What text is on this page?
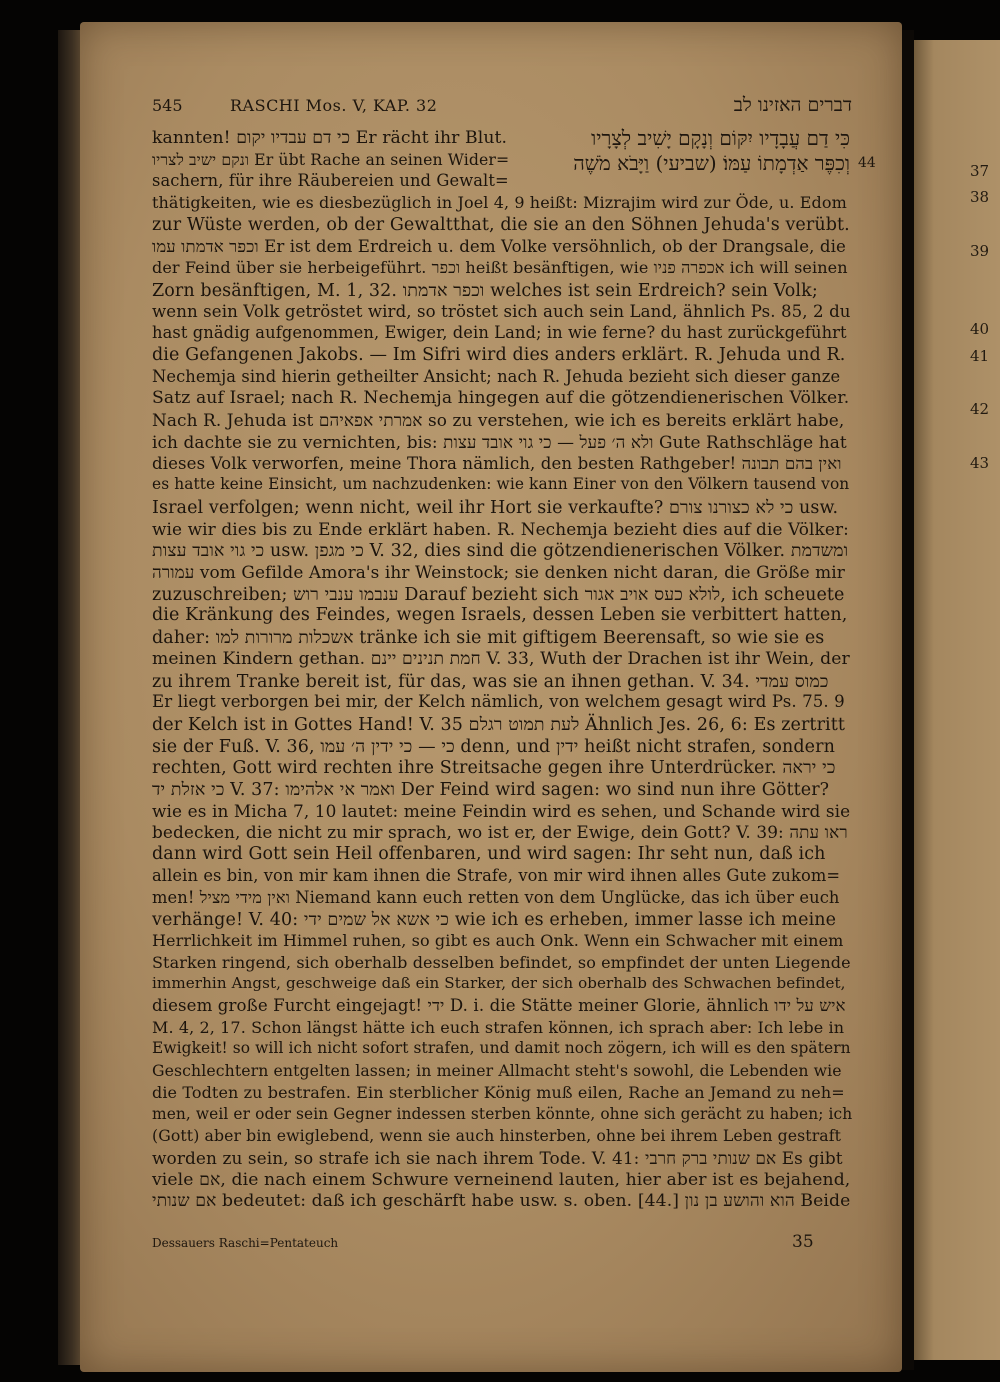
37
38
39
40
41
42
43
545	RASCHI Mos. V, KAP. 32	דברים האזינו לב
כִּי דַם עֲבָדָיו יִקּוֹם וְנָקָם יָשִׁיב לְצָרָיו
וְכִפֶּר אַדְמָתוֹ עַמּוֹ׃ (שביעי) וַיָּבֹא מֹשֶׁה 44
kannten! כי דם עבדיו יקום Er rächt ihr Blut.
ונקם ישיב לצריו Er übt Rache an seinen Wider=
sachern, für ihre Räubereien und Gewalt=
thätigkeiten, wie es diesbezüglich in Joel 4, 9 heißt: Mizrajim wird zur Öde, u. Edom
zur Wüste werden, ob der Gewaltthat, die sie an den Söhnen Jehuda's verübt.
וכפר אדמתו עמו Er ist dem Erdreich u. dem Volke versöhnlich, ob der Drangsale, die
der Feind über sie herbeigeführt. וכפר heißt besänftigen, wie אכפרה פניו ich will seinen
Zorn besänftigen, M. 1, 32. וכפר אדמתו welches ist sein Erdreich? sein Volk;
wenn sein Volk getröstet wird, so tröstet sich auch sein Land, ähnlich Ps. 85, 2 du
hast gnädig aufgenommen, Ewiger, dein Land; in wie ferne? du hast zurückgeführt
die Gefangenen Jakobs. — Im Sifri wird dies anders erklärt. R. Jehuda und R.
Nechemja sind hierin getheilter Ansicht; nach R. Jehuda bezieht sich dieser ganze
Satz auf Israel; nach R. Nechemja hingegen auf die götzendienerischen Völker.
Nach R. Jehuda ist אמרתי אפאיהם so zu verstehen, wie ich es bereits erklärt habe,
ich dachte sie zu vernichten, bis: ולא ה׳ פעל — כי גוי אובד עצות Gute Rathschläge hat
dieses Volk verworfen, meine Thora nämlich, den besten Rathgeber! ואין בהם תבונה
es hatte keine Einsicht, um nachzudenken: wie kann Einer von den Völkern tausend von
Israel verfolgen; wenn nicht, weil ihr Hort sie verkaufte? כי לא כצורנו צורם usw.
wie wir dies bis zu Ende erklärt haben. R. Nechemja bezieht dies auf die Völker:
כי גוי אובד עצות usw. כי מגפן V. 32, dies sind die götzendienerischen Völker. ומשדמת
עמורה vom Gefilde Amora's ihr Weinstock; sie denken nicht daran, die Größe mir
zuzuschreiben; ענבמו ענבי רוש Darauf bezieht sich לולא כעס אויב אגור, ich scheuete
die Kränkung des Feindes, wegen Israels, dessen Leben sie verbittert hatten,
daher: אשכלות מרורות למו tränke ich sie mit giftigem Beerensaft, so wie sie es
meinen Kindern gethan. חמת תנינים יינם V. 33, Wuth der Drachen ist ihr Wein, der
zu ihrem Tranke bereit ist, für das, was sie an ihnen gethan. V. 34. כמוס עמדי
Er liegt verborgen bei mir, der Kelch nämlich, von welchem gesagt wird Ps. 75. 9
der Kelch ist in Gottes Hand! V. 35 לעת תמוט רגלם Ähnlich Jes. 26, 6: Es zertritt
sie der Fuß. V. 36, כי — כי ידין ה׳ עמו denn, und ידין heißt nicht strafen, sondern
rechten, Gott wird rechten ihre Streitsache gegen ihre Unterdrücker. כי יראה
כי אזלת יד V. 37: ואמר אי אלהימו Der Feind wird sagen: wo sind nun ihre Götter?
wie es in Micha 7, 10 lautet: meine Feindin wird es sehen, und Schande wird sie
bedecken, die nicht zu mir sprach, wo ist er, der Ewige, dein Gott? V. 39: ראו עתה
dann wird Gott sein Heil offenbaren, und wird sagen: Ihr seht nun, daß ich
allein es bin, von mir kam ihnen die Strafe, von mir wird ihnen alles Gute zukom=
men! ואין מידי מציל Niemand kann euch retten von dem Unglücke, das ich über euch
verhänge! V. 40: כי אשא אל שמים ידי wie ich es erheben, immer lasse ich meine
Herrlichkeit im Himmel ruhen, so gibt es auch Onk. Wenn ein Schwacher mit einem
Starken ringend, sich oberhalb desselben befindet, so empfindet der unten Liegende
immerhin Angst, geschweige daß ein Starker, der sich oberhalb des Schwachen befindet,
diesem große Furcht eingejagt! ידי D. i. die Stätte meiner Glorie, ähnlich איש על ידו
M. 4, 2, 17. Schon längst hätte ich euch strafen können, ich sprach aber: Ich lebe in
Ewigkeit! so will ich nicht sofort strafen, und damit noch zögern, ich will es den spätern
Geschlechtern entgelten lassen; in meiner Allmacht steht's sowohl, die Lebenden wie
die Todten zu bestrafen. Ein sterblicher König muß eilen, Rache an Jemand zu neh=
men, weil er oder sein Gegner indessen sterben könnte, ohne sich gerächt zu haben; ich
(Gott) aber bin ewiglebend, wenn sie auch hinsterben, ohne bei ihrem Leben gestraft
worden zu sein, so strafe ich sie nach ihrem Tode. V. 41: אם שנותי ברק חרבי Es gibt
viele אם, die nach einem Schwure verneinend lauten, hier aber ist es bejahend,
אם שנותי bedeutet: daß ich geschärft habe usw. s. oben. [44.] הוא והושע בן נון Beide
Dessauers Raschi=Pentateuch	35
